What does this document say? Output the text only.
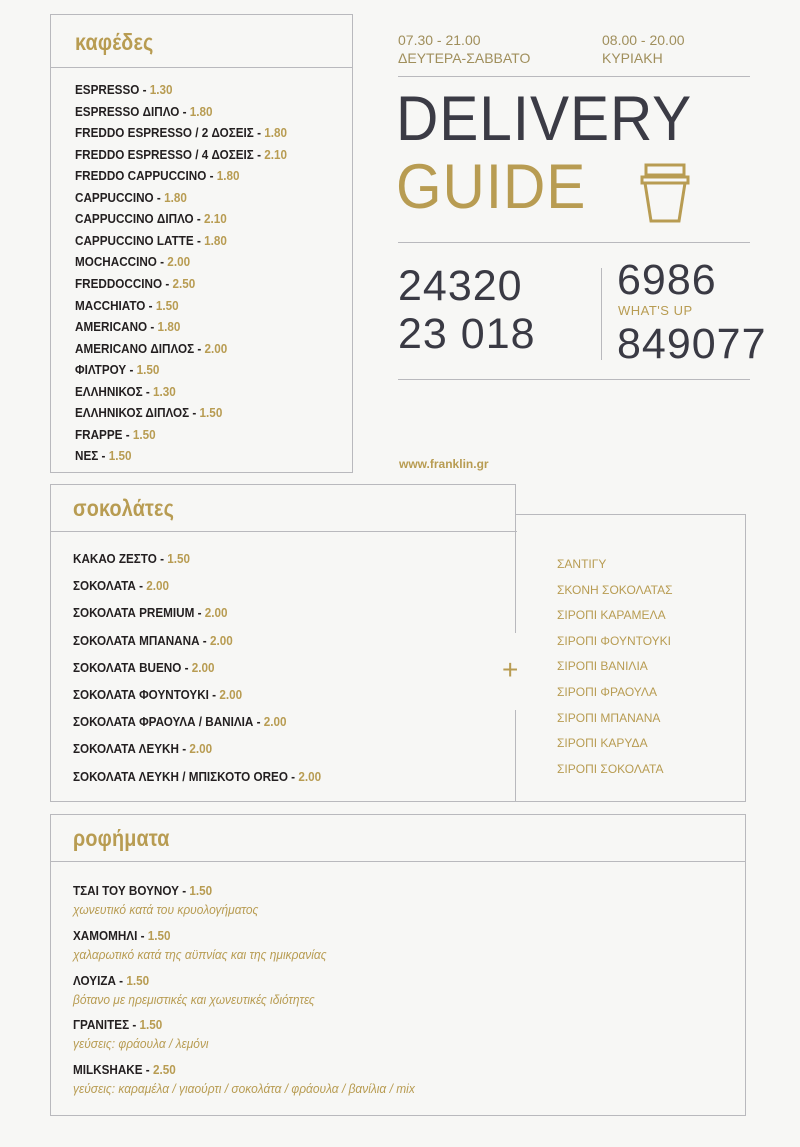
καφέδες
ESPRESSO - 1.30
ESPRESSO ΔΙΠΛΟ - 1.80
FREDDO ESPRESSO / 2 ΔΟΣΕΙΣ - 1.80
FREDDO ESPRESSO / 4 ΔΟΣΕΙΣ - 2.10
FREDDO CAPPUCCINO - 1.80
CAPPUCCINO - 1.80
CAPPUCCINO ΔΙΠΛΟ - 2.10
CAPPUCCINO LATTE - 1.80
MOCHACCINO - 2.00
FREDDOCCINO - 2.50
MACCHIATO - 1.50
AMERICANO - 1.80
AMERICANO ΔΙΠΛΟΣ - 2.00
ΦΙΛΤΡΟΥ - 1.50
ΕΛΛΗΝΙΚΟΣ - 1.30
ΕΛΛΗΝΙΚΟΣ ΔΙΠΛΟΣ - 1.50
FRAPPE - 1.50
ΝΕΣ - 1.50
07.30 - 21.00
ΔΕΥΤΕΡΑ-ΣΑΒΒΑΤΟ
08.00 - 20.00
ΚΥΡΙΑΚΗ
DELIVERY
GUIDE
24320
23 018
6986
WHAT'S UP
849077
www.franklin.gr
σοκολάτες
ΚΑΚΑΟ ΖΕΣΤΟ - 1.50
ΣΟΚΟΛΑΤΑ - 2.00
ΣΟΚΟΛΑΤΑ PREMIUM - 2.00
ΣΟΚΟΛΑΤΑ ΜΠΑΝΑΝΑ - 2.00
ΣΟΚΟΛΑΤΑ BUENO - 2.00
ΣΟΚΟΛΑΤΑ ΦΟΥΝΤΟΥΚΙ - 2.00
ΣΟΚΟΛΑΤΑ ΦΡΑΟΥΛΑ / ΒΑΝΙΛΙΑ - 2.00
ΣΟΚΟΛΑΤΑ ΛΕΥΚΗ - 2.00
ΣΟΚΟΛΑΤΑ ΛΕΥΚΗ / ΜΠΙΣΚΟΤΟ OREO - 2.00
+
ΣΑΝΤΙΓΥ
ΣΚΟΝΗ ΣΟΚΟΛΑΤΑΣ
ΣΙΡΟΠΙ ΚΑΡΑΜΕΛΑ
ΣΙΡΟΠΙ ΦΟΥΝΤΟΥΚΙ
ΣΙΡΟΠΙ ΒΑΝΙΛΙΑ
ΣΙΡΟΠΙ ΦΡΑΟΥΛΑ
ΣΙΡΟΠΙ ΜΠΑΝΑΝΑ
ΣΙΡΟΠΙ ΚΑΡΥΔΑ
ΣΙΡΟΠΙ ΣΟΚΟΛΑΤΑ
ροφήματα
ΤΣΑΙ ΤΟΥ ΒΟΥΝΟΥ - 1.50
χωνευτικό κατά του κρυολογήματος
ΧΑΜΟΜΗΛΙ - 1.50
χαλαρωτικό κατά της αϋπνίας και της ημικρανίας
ΛΟΥΙΖΑ - 1.50
βότανο με ηρεμιστικές και χωνευτικές ιδιότητες
ΓΡΑΝΙΤΕΣ - 1.50
γεύσεις: φράουλα / λεμόνι
MILKSHAKE - 2.50
γεύσεις: καραμέλα / γιαούρτι / σοκολάτα / φράουλα / βανίλια / mix
